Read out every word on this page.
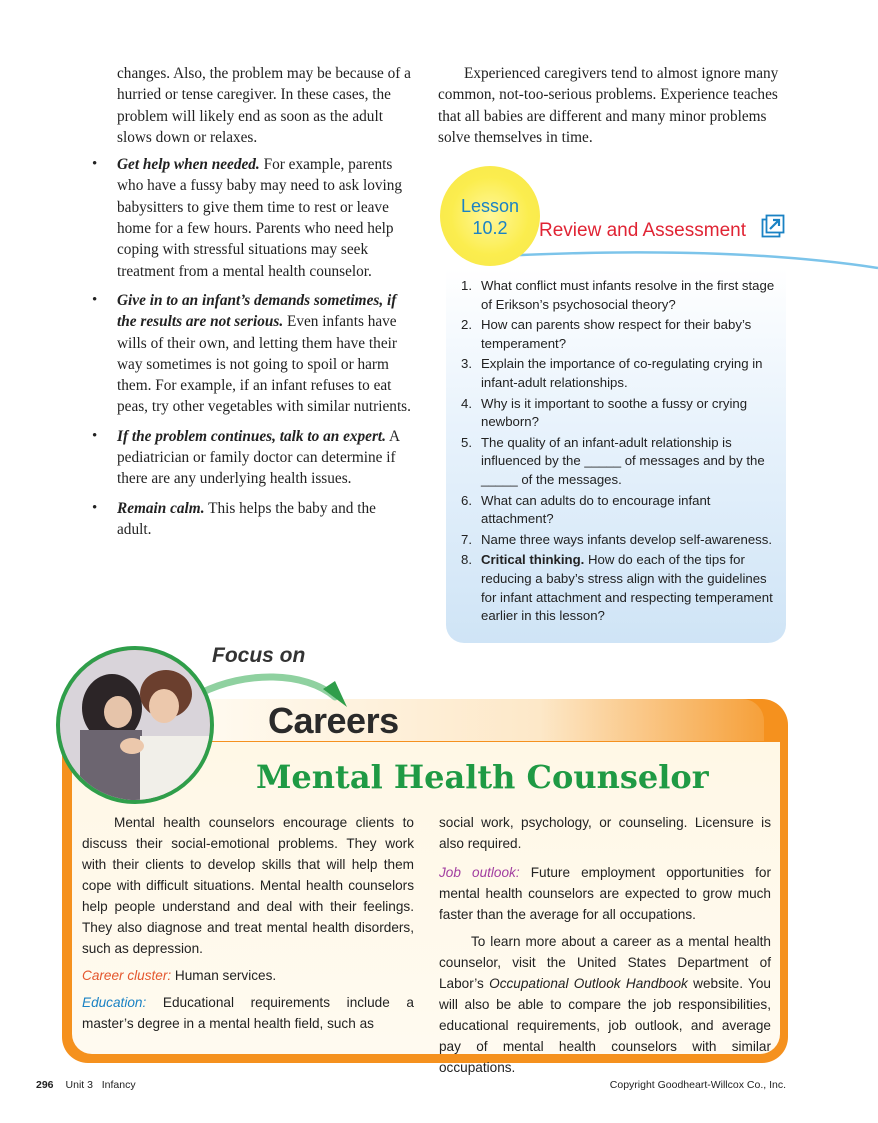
changes. Also, the problem may be because of a hurried or tense caregiver. In these cases, the problem will likely end as soon as the adult slows down or relaxes.

• Get help when needed. For example, parents who have a fussy baby may need to ask loving babysitters to give them time to rest or leave home for a few hours. Parents who need help coping with stressful situations may seek treatment from a mental health counselor.
• Give in to an infant’s demands sometimes, if the results are not serious. Even infants have wills of their own, and letting them have their way sometimes is not going to spoil or harm them. For example, if an infant refuses to eat peas, try other vegetables with similar nutrients.
• If the problem continues, talk to an expert. A pediatrician or family doctor can determine if there are any underlying health issues.
• Remain calm. This helps the baby and the adult.

Experienced caregivers tend to almost ignore many common, not-too-serious problems. Experience teaches that all babies are different and many minor problems solve themselves in time.

Lesson
10.2	Review and Assessment
1. What conflict must infants resolve in the first stage of Erikson’s psychosocial theory?
2. How can parents show respect for their baby’s temperament?
3. Explain the importance of co-regulating crying in infant-adult relationships.
4. Why is it important to soothe a fussy or crying newborn?
5. The quality of an infant-adult relationship is influenced by the _____ of messages and by the _____ of the messages.
6. What can adults do to encourage infant attachment?
7. Name three ways infants develop self-awareness.
8. Critical thinking. How do each of the tips for reducing a baby’s stress align with the guidelines for infant attachment and respecting temperament earlier in this lesson?
Careers
Focus on
Mental Health Counselor

Mental health counselors encourage clients to discuss their social-emotional problems. They work with their clients to develop skills that will help them cope with difficult situations. Mental health counselors help people understand and deal with their feelings. They also diagnose and treat mental health disorders, such as depression.

Career cluster: Human services.

Education: Educational requirements include a master’s degree in a mental health field, such as

social work, psychology, or counseling. Licensure is also required.

Job outlook: Future employment opportunities for mental health counselors are expected to grow much faster than the average for all occupations.

To learn more about a career as a mental health counselor, visit the United States Department of Labor’s Occupational Outlook Handbook website. You will also be able to compare the job responsibilities, educational requirements, job outlook, and average pay of mental health counselors with similar occupations.

296 Unit 3   Infancy	Copyright Goodheart-Willcox Co., Inc.
